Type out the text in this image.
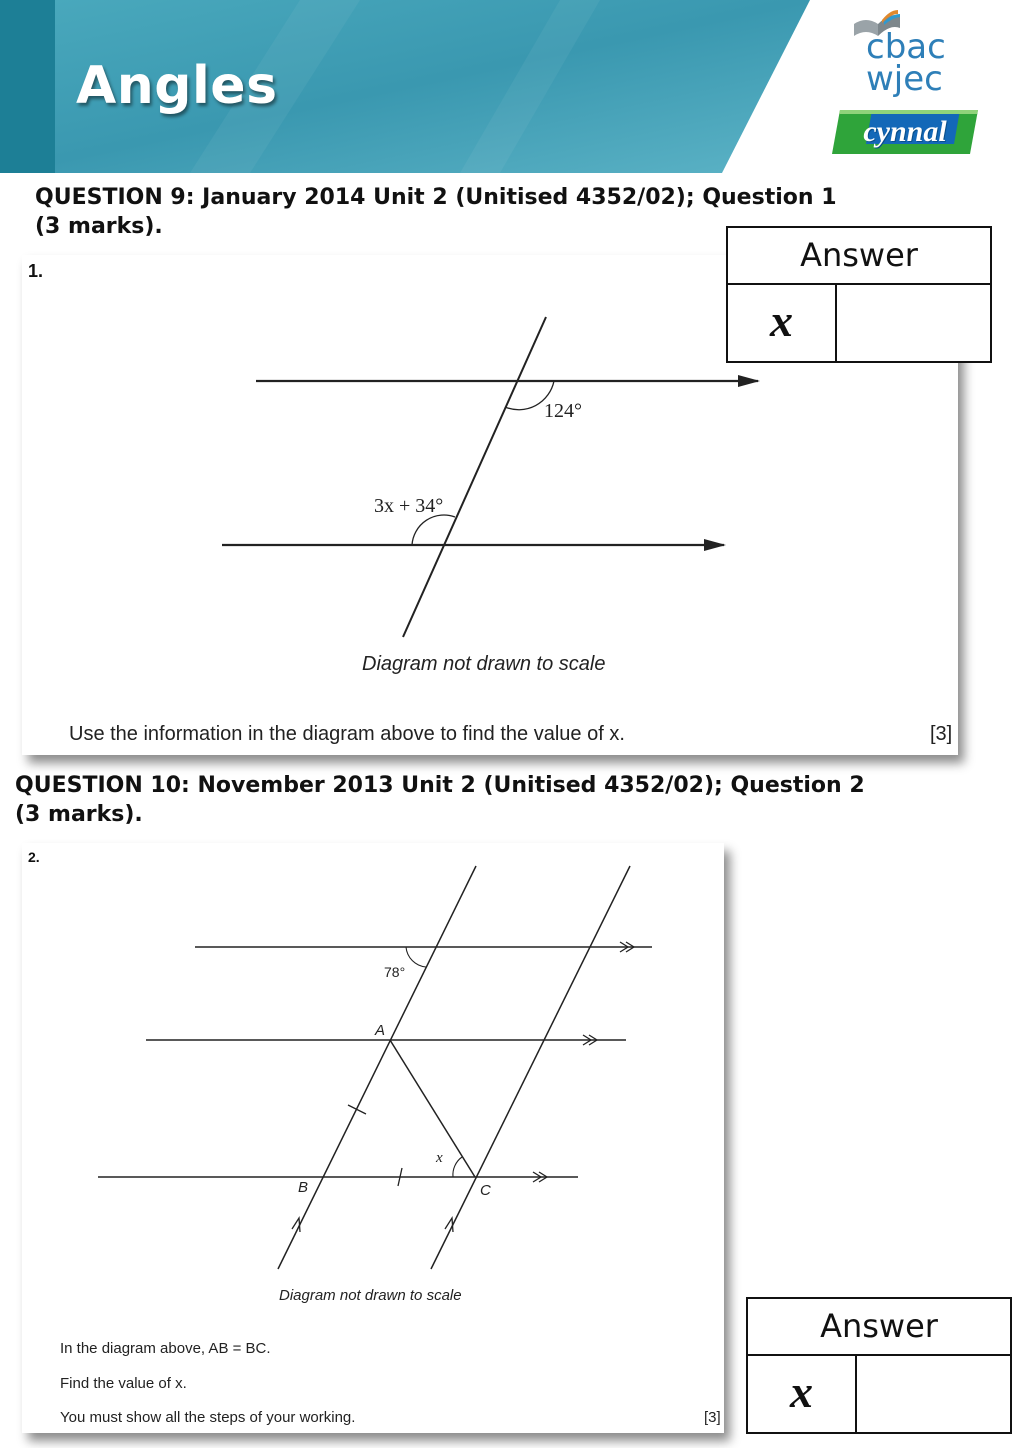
Angles
cbac
wjec
cynnal
QUESTION 9: January 2014 Unit 2 (Unitised 4352/02); Question 1
(3 marks).
1.
124°
3x + 34°
Diagram not drawn to scale
Use the information in the diagram above to find the value of x.	[3]
Answer
x
QUESTION 10: November 2013 Unit 2 (Unitised 4352/02); Question 2
(3 marks).
2.
78°
A
B	C
x
Diagram not drawn to scale
In the diagram above, AB = BC.
Find the value of x.
You must show all the steps of your working.	[3]
Answer
x
